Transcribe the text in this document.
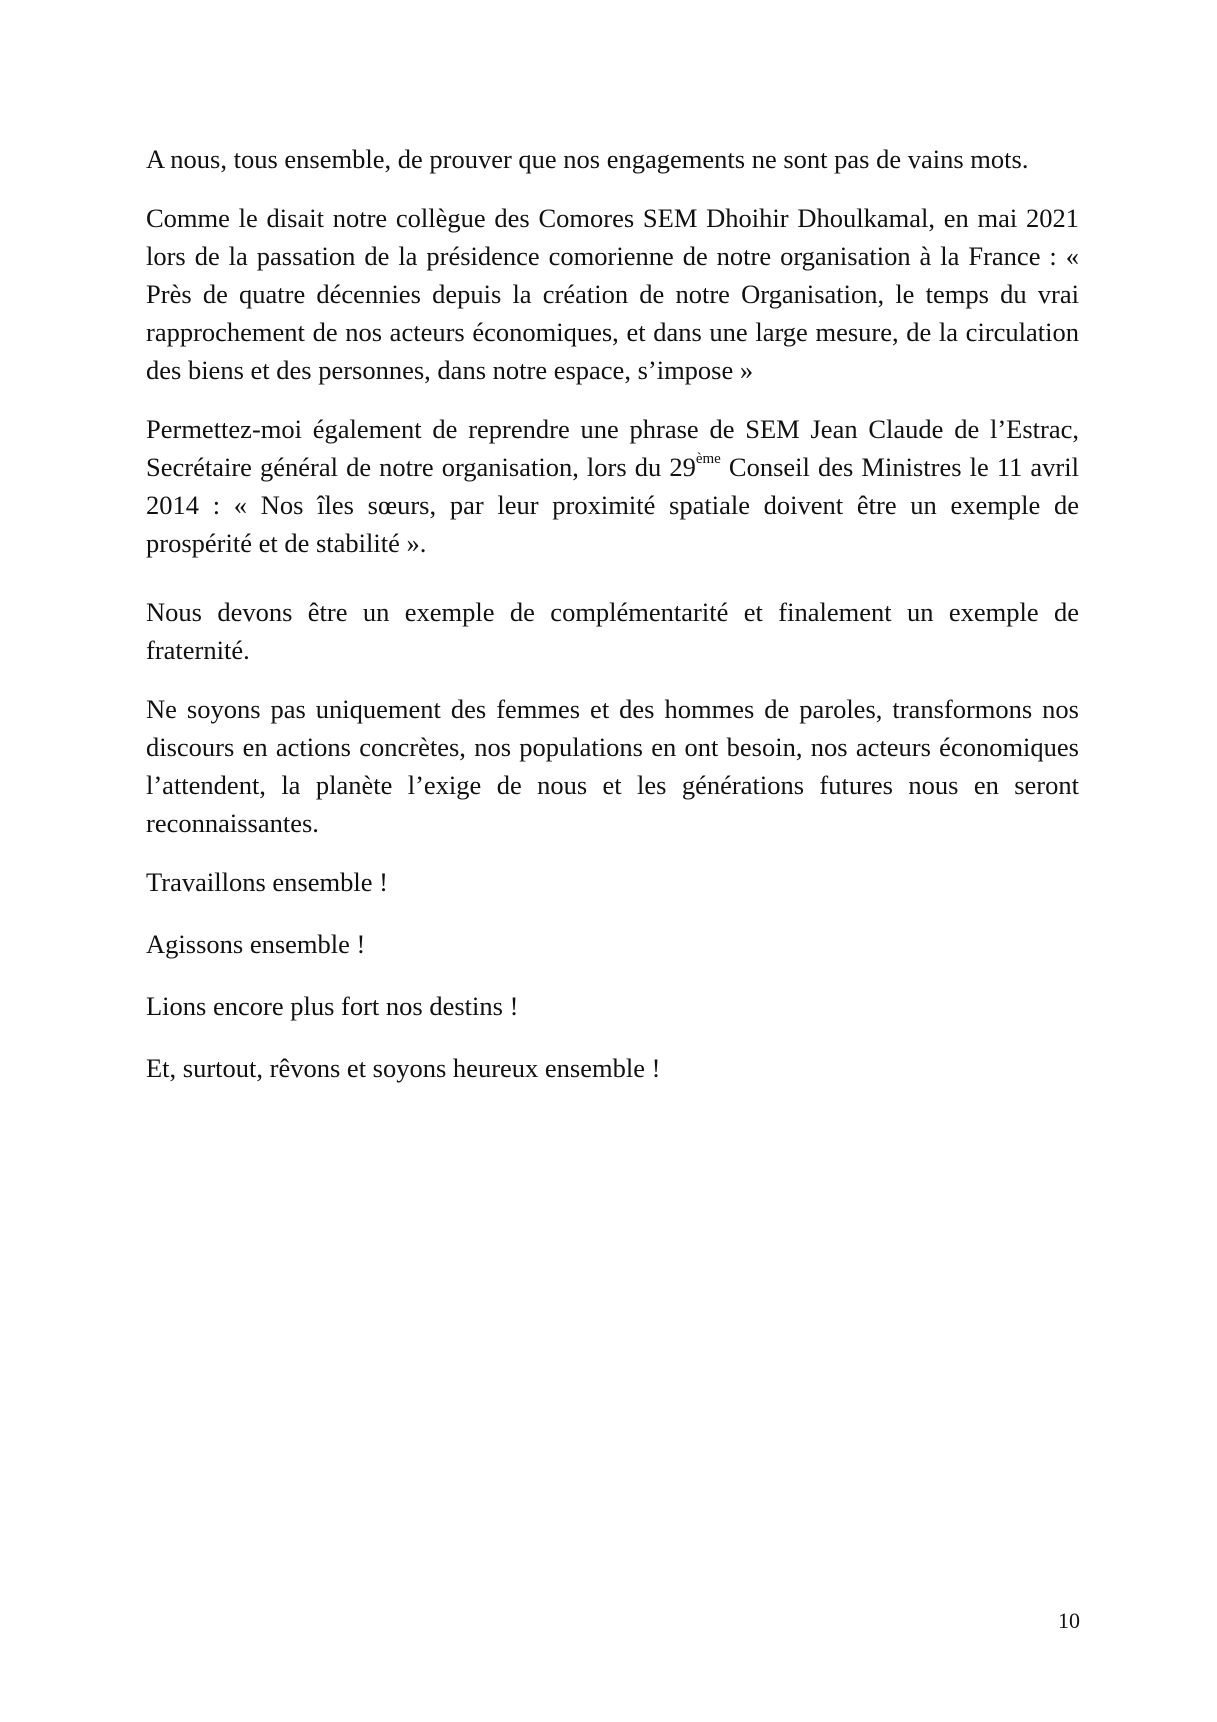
A nous, tous ensemble, de prouver que nos engagements ne sont pas de vains mots.

Comme le disait notre collègue des Comores SEM Dhoihir Dhoulkamal, en mai 2021 lors de la passation de la présidence comorienne de notre organisation à la France : « Près de quatre décennies depuis la création de notre Organisation, le temps du vrai rapprochement de nos acteurs économiques, et dans une large mesure, de la circulation des biens et des personnes, dans notre espace, s’impose »

Permettez-moi également de reprendre une phrase de SEM Jean Claude de l’Estrac, Secrétaire général de notre organisation, lors du 29ème Conseil des Ministres le 11 avril 2014 : « Nos îles sœurs, par leur proximité spatiale doivent être un exemple de prospérité et de stabilité ».

Nous devons être un exemple de complémentarité et finalement un exemple de fraternité.

Ne soyons pas uniquement des femmes et des hommes de paroles, transformons nos discours en actions concrètes, nos populations en ont besoin, nos acteurs économiques l’attendent, la planète l’exige de nous et les générations futures nous en seront reconnaissantes.

Travaillons ensemble !

Agissons ensemble !

Lions encore plus fort nos destins !

Et, surtout, rêvons et soyons heureux ensemble !

10
